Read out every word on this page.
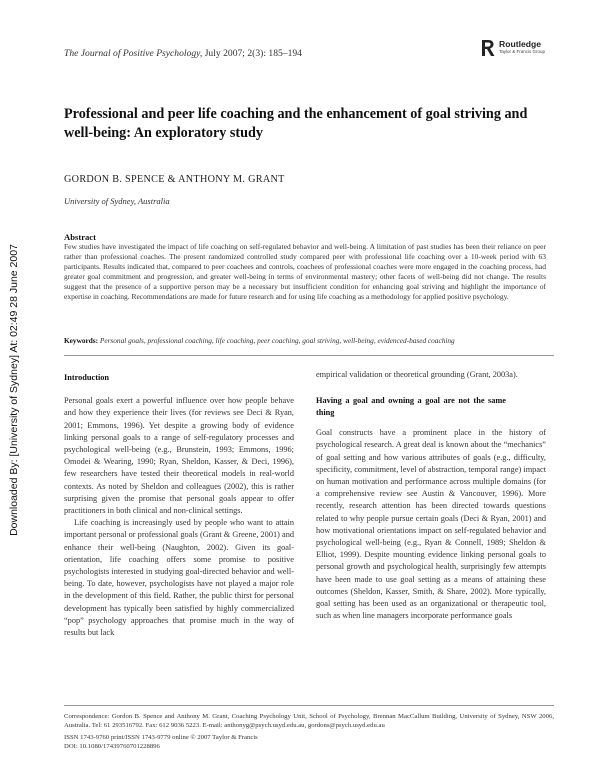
Downloaded By: [University of Sydney] At: 02:49 28 June 2007
The Journal of Positive Psychology, July 2007; 2(3): 185–194
Routledge
Taylor & Francis Group
Professional and peer life coaching and the enhancement of goal striving and well-being: An exploratory study
GORDON B. SPENCE & ANTHONY M. GRANT
University of Sydney, Australia
Abstract
Few studies have investigated the impact of life coaching on self-regulated behavior and well-being. A limitation of past studies has been their reliance on peer rather than professional coaches. The present randomized controlled study compared peer with professional life coaching over a 10-week period with 63 participants. Results indicated that, compared to peer coachees and controls, coachees of professional coaches were more engaged in the coaching process, had greater goal commitment and progression, and greater well-being in terms of environmental mastery; other facets of well-being did not change. The results suggest that the presence of a supportive person may be a necessary but insufficient condition for enhancing goal striving and highlight the importance of expertise in coaching. Recommendations are made for future research and for using life coaching as a methodology for applied positive psychology.
Keywords: Personal goals, professional coaching, life coaching, peer coaching, goal striving, well-being, evidenced-based coaching

Introduction

Personal goals exert a powerful influence over how people behave and how they experience their lives (for reviews see Deci & Ryan, 2001; Emmons, 1996). Yet despite a growing body of evidence linking personal goals to a range of self-regulatory processes and psychological well-being (e.g., Brunstein, 1993; Emmons, 1996; Omodei & Wearing, 1990; Ryan, Sheldon, Kasser, & Deci, 1996), few researchers have tested their theoretical models in real-world contexts. As noted by Sheldon and colleagues (2002), this is rather surprising given the promise that personal goals appear to offer practitioners in both clinical and non-clinical settings.

Life coaching is increasingly used by people who want to attain important personal or professional goals (Grant & Greene, 2001) and enhance their well-being (Naughton, 2002). Given its goal-orientation, life coaching offers some promise to positive psychologists interested in studying goal-directed behavior and well-being. To date, however, psychologists have not played a major role in the development of this field. Rather, the public thirst for personal development has typically been satisfied by highly commercialized “pop” psychology approaches that promise much in the way of results but lack

empirical validation or theoretical grounding (Grant, 2003a).

Having a goal and owning a goal are not the same thing

Goal constructs have a prominent place in the history of psychological research. A great deal is known about the “mechanics” of goal setting and how various attributes of goals (e.g., difficulty, specificity, commitment, level of abstraction, temporal range) impact on human motivation and performance across multiple domains (for a comprehensive review see Austin & Vancouver, 1996). More recently, research attention has been directed towards questions related to why people pursue certain goals (Deci & Ryan, 2001) and how motivational orientations impact on self-regulated behavior and psychological well-being (e.g., Ryan & Connell, 1989; Sheldon & Elliot, 1999). Despite mounting evidence linking personal goals to personal growth and psychological health, surprisingly few attempts have been made to use goal setting as a means of attaining these outcomes (Sheldon, Kasser, Smith, & Share, 2002). More typically, goal setting has been used as an organizational or therapeutic tool, such as when line managers incorporate performance goals

Correspondence: Gordon B. Spence and Anthony M. Grant, Coaching Psychology Unit, School of Psychology, Brennan MacCallum Building, University of Sydney, NSW 2006, Australia. Tel: 61 293516792. Fax: 612 9036 5223. E-mail: anthonyg@psych.usyd.edu.au, gordons@psych.usyd.edu.au
ISSN 1743-9760 print/ISSN 1743-9779 online © 2007 Taylor & Francis
DOI: 10.1080/17439760701228896
